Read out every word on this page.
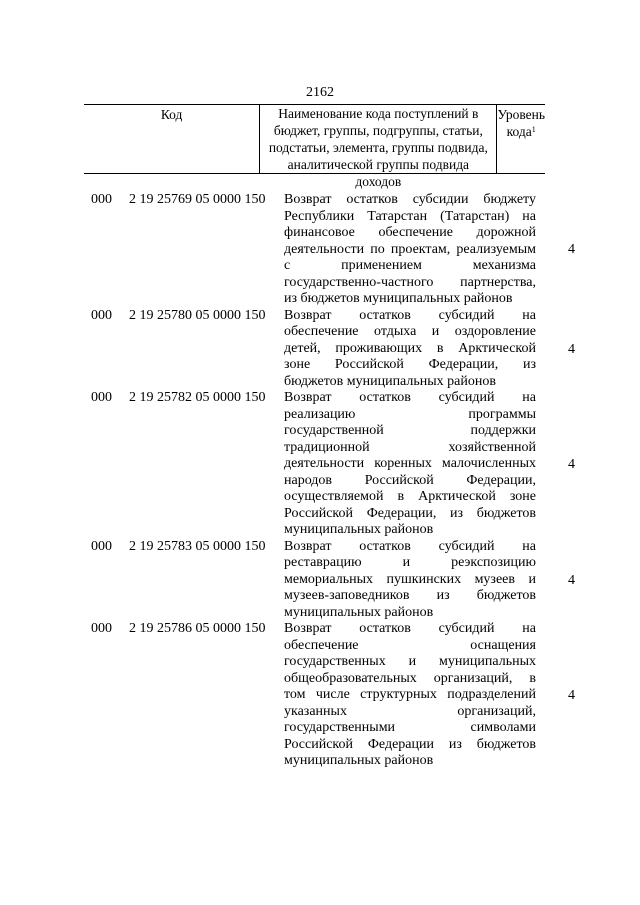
2162
Код	Наименование кода поступлений в бюджет, группы, подгруппы, статьи, подстатьи, элемента, группы подвида, аналитической группы подвида доходов
Уровень кода$^1$
000 2 19 25769 05 0000 150 Возврат остатков субсидии бюджету
Республики Татарстан (Татарстан) на
финансовое обеспечение дорожной
деятельности по проектам, реализуемым
с применением механизма
государственно-частного партнерства,
из бюджетов муниципальных районов
4
000 2 19 25780 05 0000 150 Возврат остатков субсидий на
обеспечение отдыха и оздоровление
детей, проживающих в Арктической
зоне Российской Федерации, из
бюджетов муниципальных районов
4
000 2 19 25782 05 0000 150 Возврат остатков субсидий на
реализацию программы
государственной поддержки
традиционной хозяйственной
деятельности коренных малочисленных
народов Российской Федерации,
осуществляемой в Арктической зоне
Российской Федерации, из бюджетов
муниципальных районов
4
000 2 19 25783 05 0000 150 Возврат остатков субсидий на
реставрацию и реэкспозицию
мемориальных пушкинских музеев и
музеев-заповедников из бюджетов
муниципальных районов
4
000 2 19 25786 05 0000 150 Возврат остатков субсидий на
обеспечение оснащения
государственных и муниципальных
общеобразовательных организаций, в
том числе структурных подразделений
указанных организаций,
государственными символами
Российской Федерации из бюджетов
муниципальных районов
4
